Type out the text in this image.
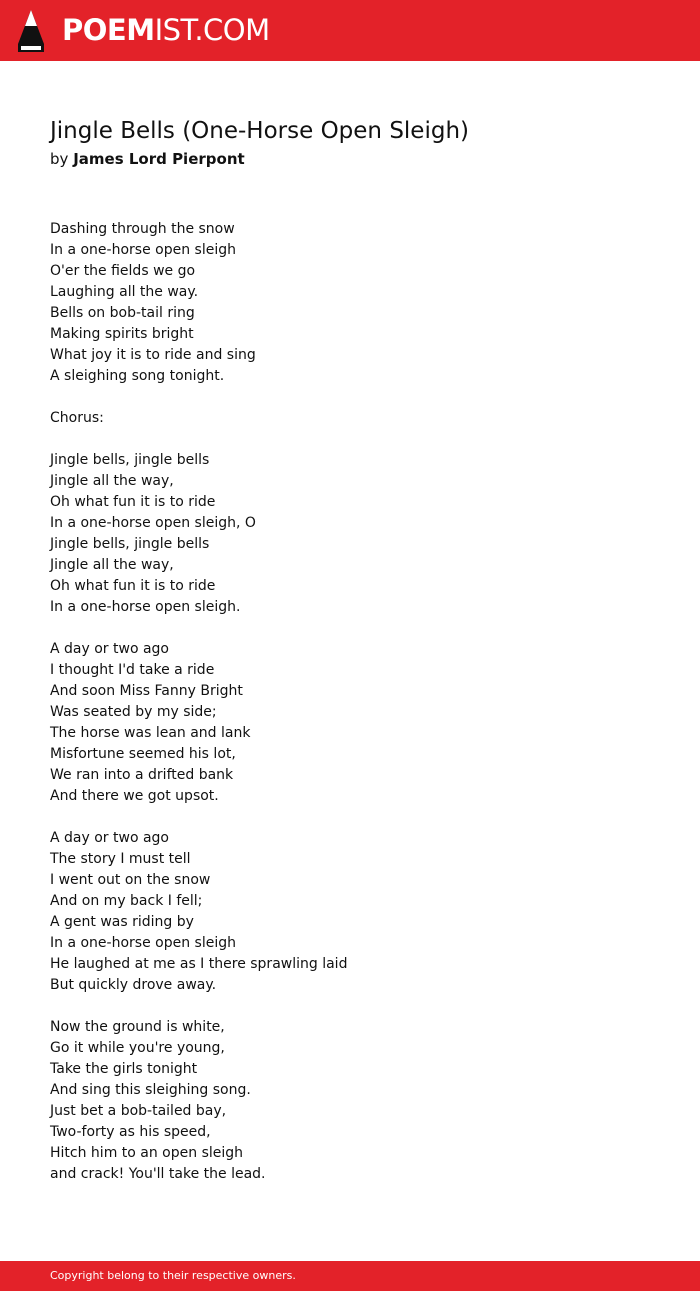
POEMIST.COM
Jingle Bells (One-Horse Open Sleigh)
by James Lord Pierpont
Dashing through the snow
In a one-horse open sleigh
O'er the fields we go
Laughing all the way.
Bells on bob-tail ring
Making spirits bright
What joy it is to ride and sing
A sleighing song tonight.
Chorus:
Jingle bells, jingle bells
Jingle all the way,
Oh what fun it is to ride
In a one-horse open sleigh, O
Jingle bells, jingle bells
Jingle all the way,
Oh what fun it is to ride
In a one-horse open sleigh.
A day or two ago
I thought I'd take a ride
And soon Miss Fanny Bright
Was seated by my side;
The horse was lean and lank
Misfortune seemed his lot,
We ran into a drifted bank
And there we got upsot.
A day or two ago
The story I must tell
I went out on the snow
And on my back I fell;
A gent was riding by
In a one-horse open sleigh
He laughed at me as I there sprawling laid
But quickly drove away.
Now the ground is white,
Go it while you're young,
Take the girls tonight
And sing this sleighing song.
Just bet a bob-tailed bay,
Two-forty as his speed,
Hitch him to an open sleigh
and crack! You'll take the lead.
Copyright belong to their respective owners.
